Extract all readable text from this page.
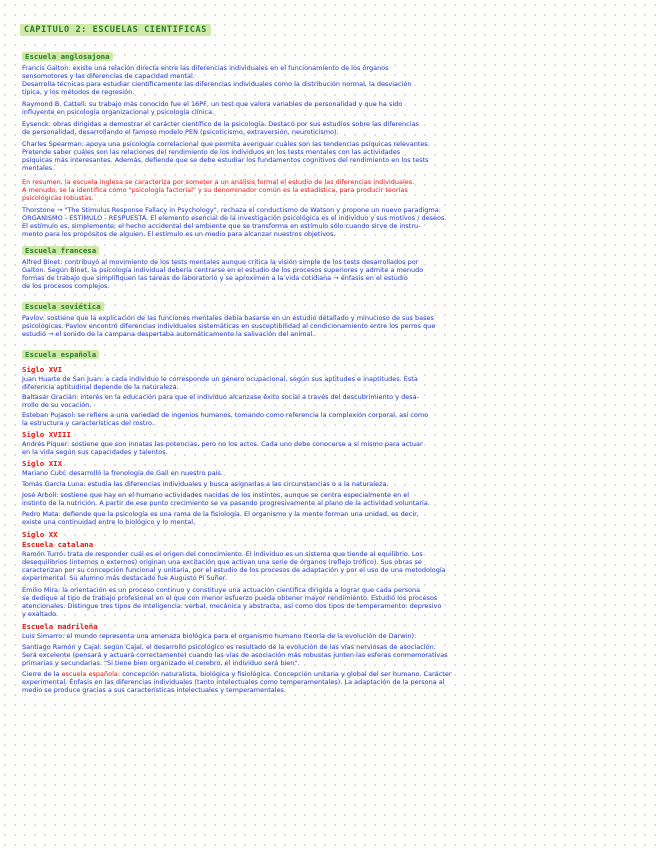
CAPITULO 2: ESCUELAS CIENTIFICAS
Escuela anglosajona

Francis Galton: existe una relación directa entre las diferencias individuales en el funcionamiento de los órganos
sensomotores y las diferencias de capacidad mental.
Desarrolla técnicas para estudiar científicamente las diferencias individuales como la distribución normal, la desviación
típica, y los métodos de regresión.

Raymond B. Cattell: su trabajo más conocido fue el 16PF, un test que valora variables de personalidad y que ha sido
influyente en psicología organizacional y psicología clínica.

Eysenck: obras dirigidas a demostrar el carácter científico de la psicología. Destacó por sus estudios sobre las diferencias
de personalidad, desarrollando el famoso modelo PEN (psicoticismo, extraversión, neuroticismo).

Charles Spearman: apoya una psicología correlacional que permita averiguar cuáles son las tendencias psíquicas relevantes.
Pretende saber cuáles son las relaciones del rendimiento de los individuos en los tests mentales con las actividades
psíquicas más interesantes. Además, defiende que se debe estudiar los fundamentos cognitivos del rendimiento en los tests
mentales.

En resumen, la escuela inglesa se caracteriza por someter a un análisis formal el estudio de las diferencias individuales.
A menudo, se la identifica como "psicología factorial" y su denominador común es la estadística, para producir teorías
psicológicas robustas.

Thorstone → "The Stimulus Response Fallacy in Psychology", rechaza el conductismo de Watson y propone un nuevo paradigma:
ORGANISMO - ESTÍMULO - RESPUESTA. El elemento esencial de la investigación psicológica es el individuo y sus motivos / deseos.
El estímulo es, simplemente, el hecho accidental del ambiente que se transforma en estímulo sólo cuando sirve de instru-
mento para los propósitos de alguien. El estímulo es un medio para alcanzar nuestros objetivos.

Escuela francesa

Alfred Binet: contribuyó al movimiento de los tests mentales aunque critica la visión simple de los tests desarrollados por
Galton. Según Binet, la psicología individual debería centrarse en el estudio de los procesos superiores y admite a menudo
formas de trabajo que simplifiquen las tareas de laboratorio y se aproximen a la vida cotidiana → énfasis en el estudio
de los procesos complejos.

Escuela soviética

Pavlov: sostiene que la explicación de las funciones mentales debía basarse en un estudio detallado y minucioso de sus bases
psicológicas. Pavlov encontró diferencias individuales sistemáticas en susceptibilidad al condicionamiento entre los perros que
estudió → el sonido de la campana despertaba automáticamente la salivación del animal.

Escuela española
Siglo XVI

Juan Huarte de San Juan: a cada individuo le corresponde un género ocupacional, según sus aptitudes e inaptitudes. Esta
diferencia aptitudinal depende de la naturaleza.

Baltasar Gracián: interés en la educación para que el individuo alcanzase éxito social a través del descubrimiento y desa-
rrollo de su vocación.

Esteban Pujasol: se refiere a una variedad de ingenios humanos, tomando como referencia la complexión corporal, así como
la estructura y características del rostro.

Siglo XVIII

Andrés Piquer: sostiene que son innatas las potencias, pero no los actos. Cada uno debe conocerse a sí mismo para actuar
en la vida según sus capacidades y talentos.

Siglo XIX

Mariano Cubí: desarrolló la frenología de Gall en nuestro país.

Tomás García Luna: estudia las diferencias individuales y busca asignarlas a las circunstancias o a la naturaleza.

José Arbolí: sostiene que hay en el humano actividades nacidas de los instintos, aunque se centra especialmente en el
instinto de la nutrición. A partir de ese punto crecimiento se va pasando progresivamente al plano de la actividad voluntaria.

Pedro Mata: defiende que la psicología es una rama de la fisiología. El organismo y la mente forman una unidad, es decir,
existe una continuidad entre lo biológico y lo mental.

Siglo XX
Escuela catalana

Ramón Turró: trata de responder cuál es el origen del conocimiento. El individuo es un sistema que tiende al equilibrio. Los
desequilibrios (internos o externos) originan una excitación que activan una serie de órganos (reflejo trófico). Sus obras se
caracterizan por su concepción funcional y unitaria, por el estudio de los procesos de adaptación y por el uso de una metodología
experimental. Su alumno más destacado fue Augusto Pi Suñer.

Emilio Mira: la orientación es un proceso continuo y constituye una actuación científica dirigida a lograr que cada persona
se dedique al tipo de trabajo profesional en el que con menor esfuerzo pueda obtener mayor rendimiento. Estudió los procesos
atencionales. Distingue tres tipos de inteligencia: verbal, mecánica y abstracta, así como dos tipos de temperamento: depresivo
y exaltado.

Escuela madrileña

Luis Simarro: el mundo representa una amenaza biológica para el organismo humano (teoría de la evolución de Darwin).

Santiago Ramón y Cajal: según Cajal, el desarrollo psicológico es resultado de la evolución de las vías nerviosas de asociación.
Será excelente (pensará y actuará correctamente) cuando las vías de asociación más robustas junten las esferas conmemorativas
primarias y secundarias. "Si tiene bien organizado el cerebro, el individuo será bien".

Cierre de la escuela española: concepción naturalista, biológica y fisiológica. Concepción unitaria y global del ser humano. Carácter
experimental. Énfasis en las diferencias individuales (tanto intelectuales como temperamentales). La adaptación de la persona al
medio se produce gracias a sus características intelectuales y temperamentales.
